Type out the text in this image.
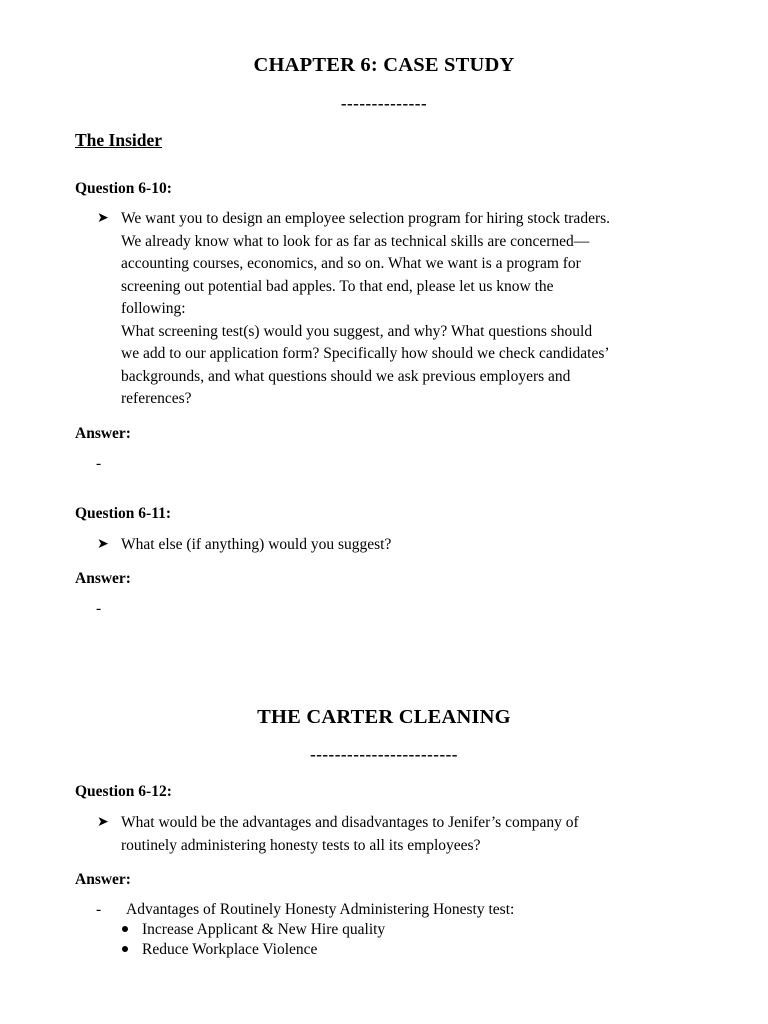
CHAPTER 6: CASE STUDY
--------------
The Insider
Question 6-10:
➤ We want you to design an employee selection program for hiring stock traders.
We already know what to look for as far as technical skills are concerned—
accounting courses, economics, and so on. What we want is a program for
screening out potential bad apples. To that end, please let us know the
following:
What screening test(s) would you suggest, and why? What questions should
we add to our application form? Specifically how should we check candidates’
backgrounds, and what questions should we ask previous employers and
references?
Answer:
-
Question 6-11:
➤ What else (if anything) would you suggest?
Answer:
-
THE CARTER CLEANING
------------------------
Question 6-12:
➤ What would be the advantages and disadvantages to Jenifer’s company of
routinely administering honesty tests to all its employees?
Answer:
- Advantages of Routinely Honesty Administering Honesty test:
Increase Applicant & New Hire quality
Reduce Workplace Violence
